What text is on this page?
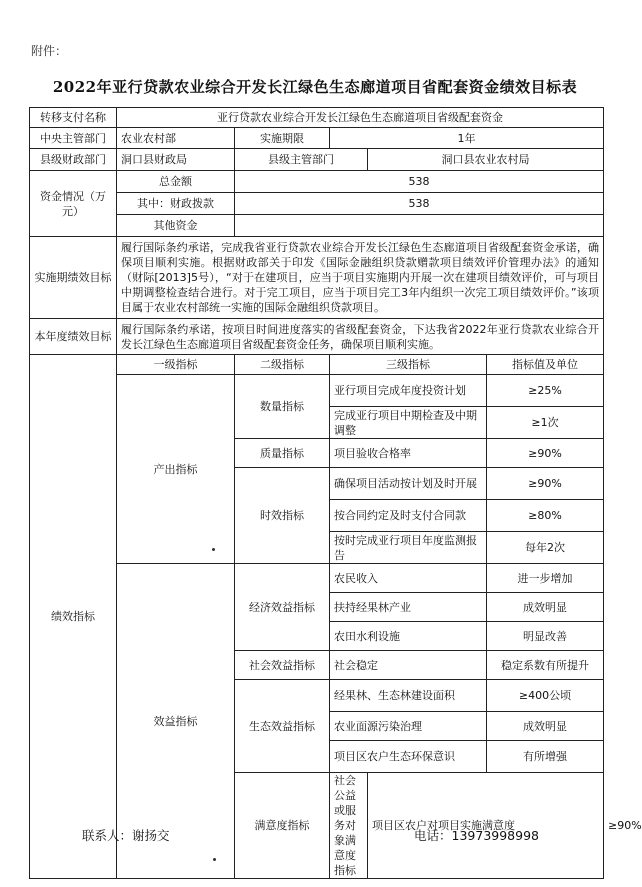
附件：
2022年亚行贷款农业综合开发长江绿色生态廊道项目省配套资金绩效目标表
转移支付名称	亚行贷款农业综合开发长江绿色生态廊道项目省级配套资金					
中央主管部门	农业农村部	实施期限	1年			
县级财政部门	洞口县财政局	县级主管部门		洞口县农业农村局		
资金情况（万元）	总金额	538				
	其中：财政拨款	538				
	其他资金					
实施期绩效目标	履行国际条约承诺，完成我省亚行贷款农业综合开发长江绿色生态廊道项目省级配套资金承诺，确保项目顺利实施。根据财政部关于印发《国际金融组织贷款赠款项目绩效评价管理办法》的通知（财际[2013]5号），“对于在建项目，应当于项目实施期内开展一次在建项目绩效评价，可与项目中期调整检查结合进行。对于完工项目，应当于项目完工3年内组织一次完工项目绩效评价。”该项目属于农业农村部统一实施的国际金融组织贷款项目。					
本年度绩效目标	履行国际条约承诺，按项目时间进度落实的省级配套资金，下达我省2022年亚行贷款农业综合开发长江绿色生态廊道项目省级配套资金任务，确保项目顺利实施。					
绩效指标	一级指标	二级指标	三级指标		指标值及单位	
	产出指标	数量指标	亚行项目完成年度投资计划		≥25%	
			完成亚行项目中期检查及中期调整		≥1次	
		质量指标	项目验收合格率		≥90%	
		时效指标	确保项目活动按计划及时开展		≥90%	
			按合同约定及时支付合同款		≥80%	
			按时完成亚行项目年度监测报告		每年2次	
	效益指标	经济效益指标	农民收入		进一步增加	
			扶持经果林产业		成效明显	
			农田水利设施		明显改善	
		社会效益指标	社会稳定		稳定系数有所提升	
		生态效益指标	经果林、生态林建设面积		≥400公顷	
			农业面源污染治理		成效明显	
			项目区农户生态环保意识		有所增强	
		满意度指标	社会公益或服务对象满意度指标	项目区农户对项目实施满意度		≥90%
联系人：谢扬交	电话：13973998998
